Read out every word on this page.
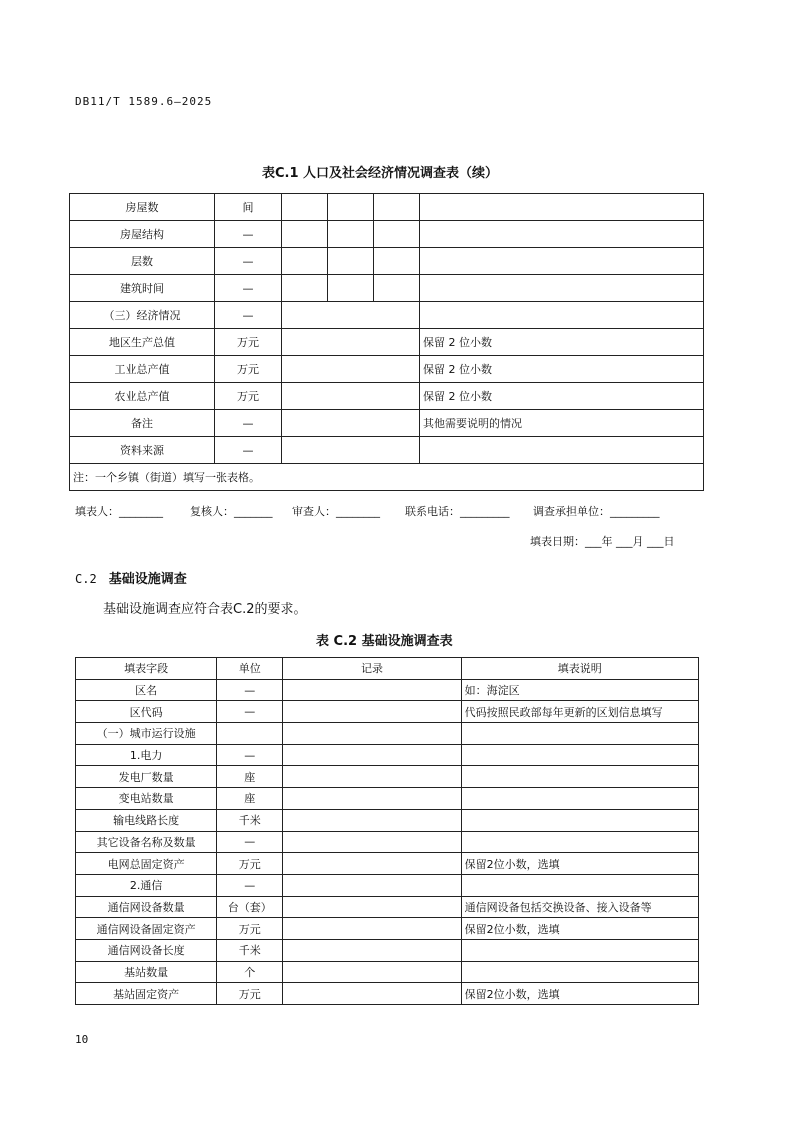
DB11/T 1589.6—2025
表C.1 人口及社会经济情况调查表（续）
房屋数	间				
房屋结构	—				
层数	—				
建筑时间	—				
（三）经济情况	—				
地区生产总值	万元				保留 2 位小数
工业总产值	万元				保留 2 位小数
农业总产值	万元				保留 2 位小数
备注	—				其他需要说明的情况
资料来源	—				
注：一个乡镇（街道）填写一张表格。					
填表人：________ 复核人：_______ 审查人：________ 联系电话：_________ 调查承担单位：_________
填表日期：___年 ___月 ___日
C.2 基础设施调查
基础设施调查应符合表C.2的要求。
表 C.2 基础设施调查表
填表字段	单位	记录	填表说明
区名	—		如：海淀区
区代码	—		代码按照民政部每年更新的区划信息填写
（一）城市运行设施			
1.电力	—		
发电厂数量	座		
变电站数量	座		
输电线路长度	千米		
其它设备名称及数量	—		
电网总固定资产	万元		保留2位小数，选填
2.通信	—		
通信网设备数量	台（套）		通信网设备包括交换设备、接入设备等
通信网设备固定资产	万元		保留2位小数，选填
通信网设备长度	千米		
基站数量	个		
基站固定资产	万元		保留2位小数，选填
10
